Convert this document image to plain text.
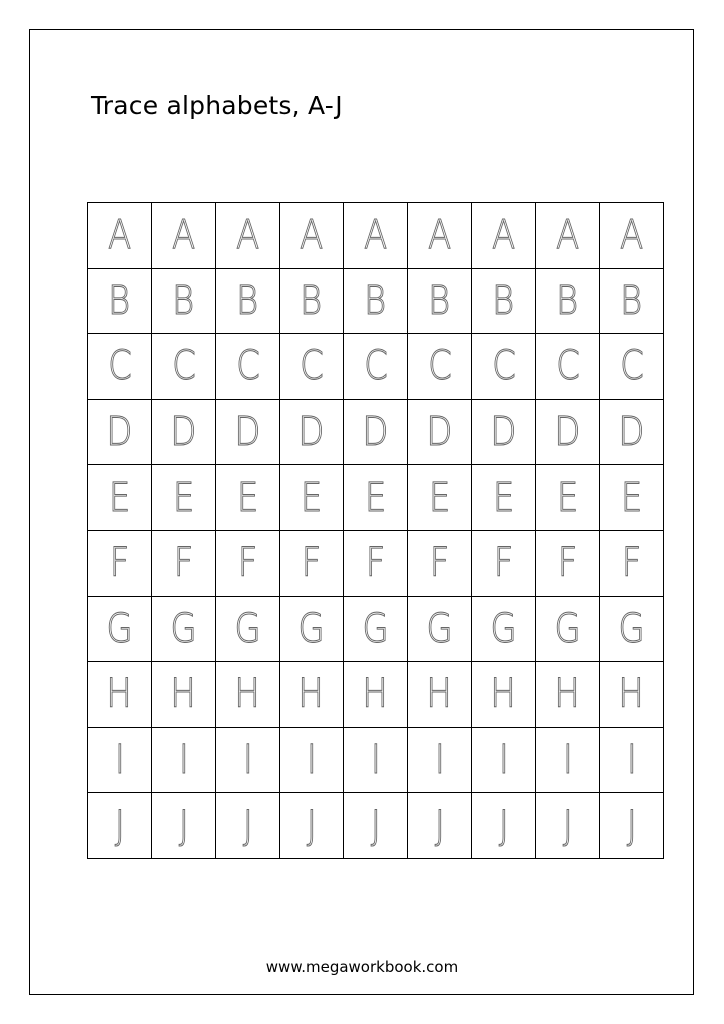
Trace alphabets, A-J
A A A A A A A A A
B B B B B B B B B
C C C C C C C C C
D D D D D D D D D
E E E E E E E E E
F F F F F F F F F
G G G G G G G G G
H H H H H H H H H
I I I I I I I I I
J J J J J J J J J
www.megaworkbook.com
